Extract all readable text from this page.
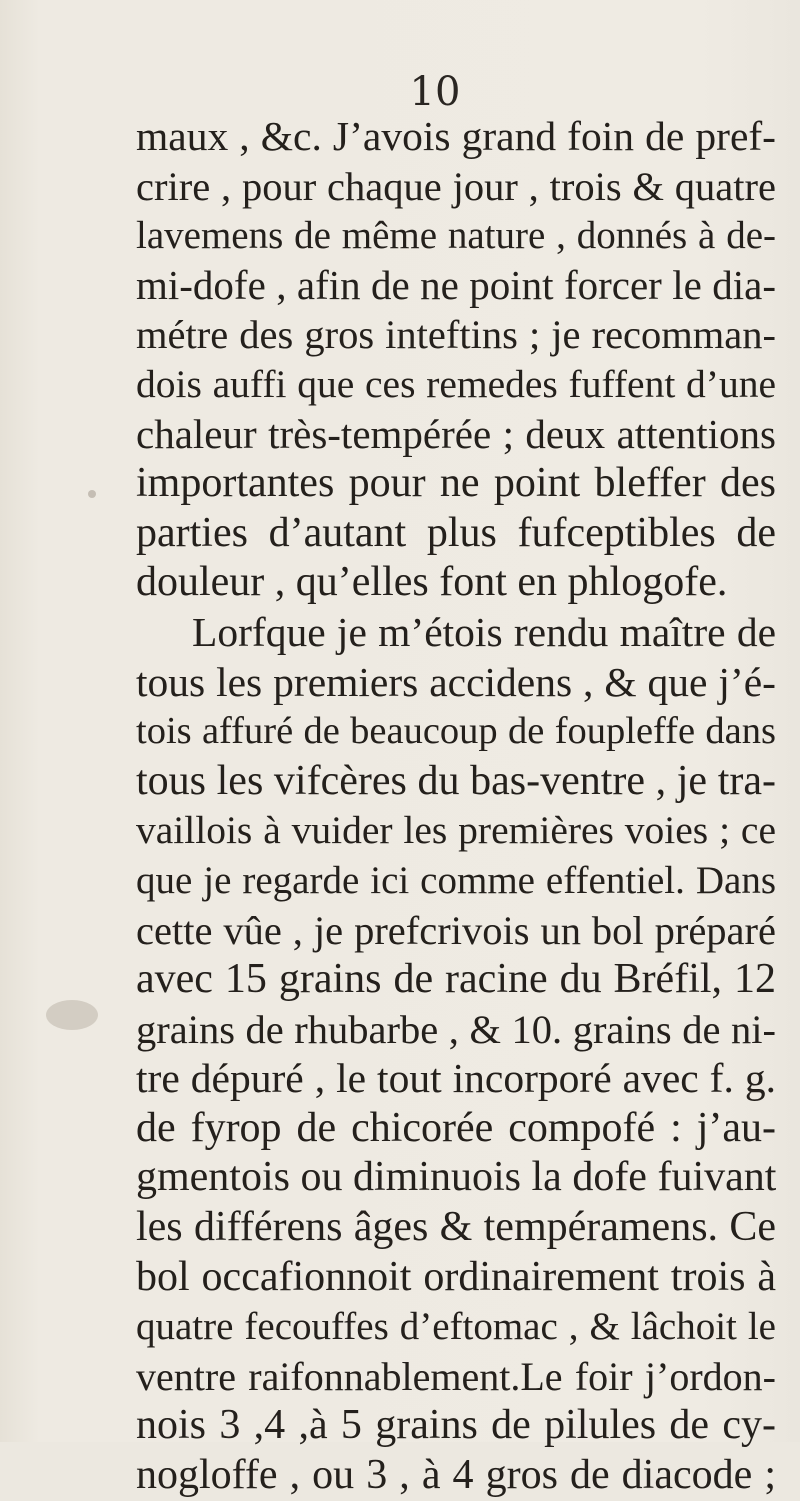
10
maux , &c. J’avois grand foin de pref-
crire , pour chaque jour , trois & quatre
lavemens de même nature , donnés à de-
mi-dofe , afin de ne point forcer le dia-
métre des gros inteftins ; je recomman-
dois auffi que ces remedes fuffent d’une
chaleur très-tempérée ; deux attentions
importantes pour ne point bleffer des
parties d’autant plus fufceptibles de
douleur , qu’elles font en phlogofe.
Lorfque je m’étois rendu maître de
tous les premiers accidens , & que j’é-
tois affuré de beaucoup de foupleffe dans
tous les vifcères du bas-ventre , je tra-
vaillois à vuider les premières voies ; ce
que je regarde ici comme effentiel. Dans
cette vûe , je prefcrivois un bol préparé
avec 15 grains de racine du Bréfil, 12
grains de rhubarbe , & 10. grains de ni-
tre dépuré , le tout incorporé avec f. g.
de fyrop de chicorée compofé : j’au-
gmentois ou diminuois la dofe fuivant
les différens âges & tempéramens. Ce
bol occafionnoit ordinairement trois à
quatre fecouffes d’eftomac , & lâchoit le
ventre raifonnablement.Le foir j’ordon-
nois 3 ,4 ,à 5 grains de pilules de cy-
nogloffe , ou 3 , à 4 gros de diacode ;
